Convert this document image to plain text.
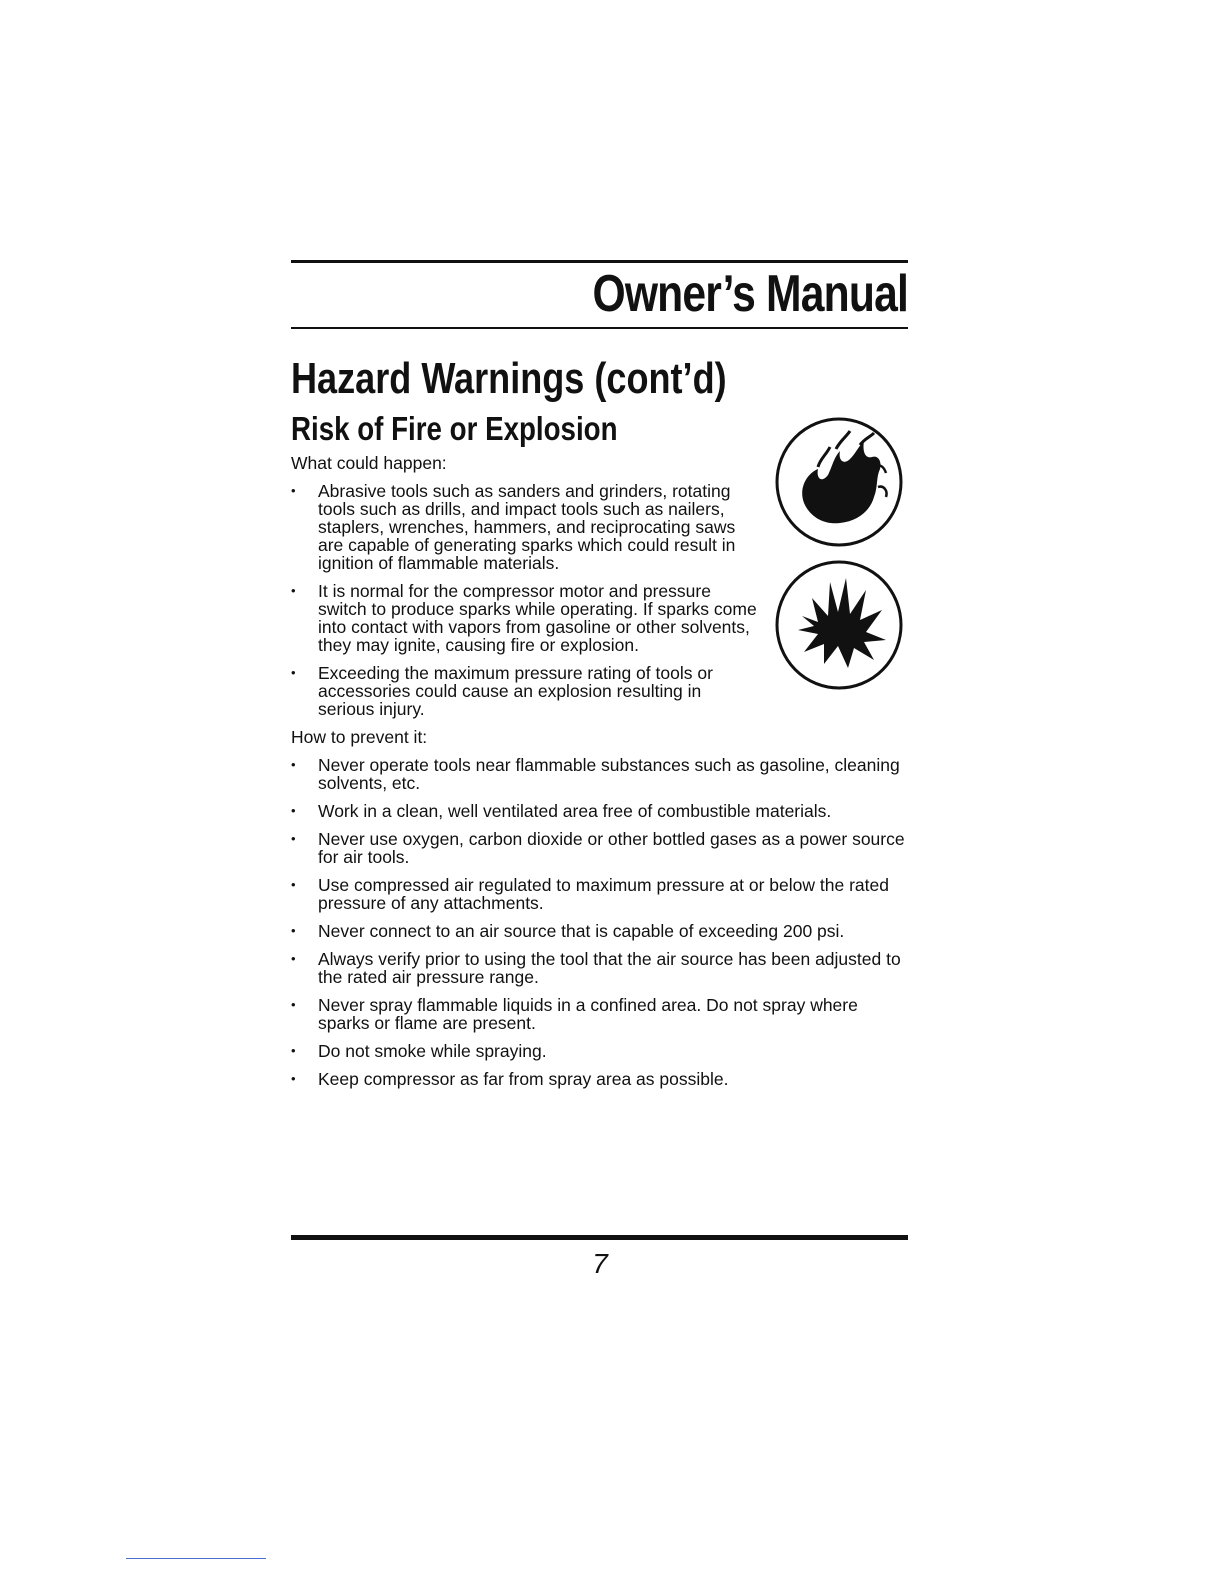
Owner’s Manual
Hazard Warnings (cont’d)
Risk of Fire or Explosion

What could happen:

• Abrasive tools such as sanders and grinders, rotating tools such as drills, and impact tools such as nailers, staplers, wrenches, hammers, and reciprocating saws are capable of generating sparks which could result in ignition of flammable materials.
• It is normal for the compressor motor and pressure switch to produce sparks while operating. If sparks come into contact with vapors from gasoline or other solvents, they may ignite, causing fire or explosion.
• Exceeding the maximum pressure rating of tools or accessories could cause an explosion resulting in serious injury.

How to prevent it:

• Never operate tools near flammable substances such as gasoline, cleaning solvents, etc.
• Work in a clean, well ventilated area free of combustible materials.
• Never use oxygen, carbon dioxide or other bottled gases as a power source for air tools.
• Use compressed air regulated to maximum pressure at or below the rated pressure of any attachments.
• Never connect to an air source that is capable of exceeding 200 psi.
• Always verify prior to using the tool that the air source has been adjusted to the rated air pressure range.
• Never spray flammable liquids in a confined area. Do not spray where sparks or flame are present.
• Do not smoke while spraying.
• Keep compressor as far from spray area as possible.
7
